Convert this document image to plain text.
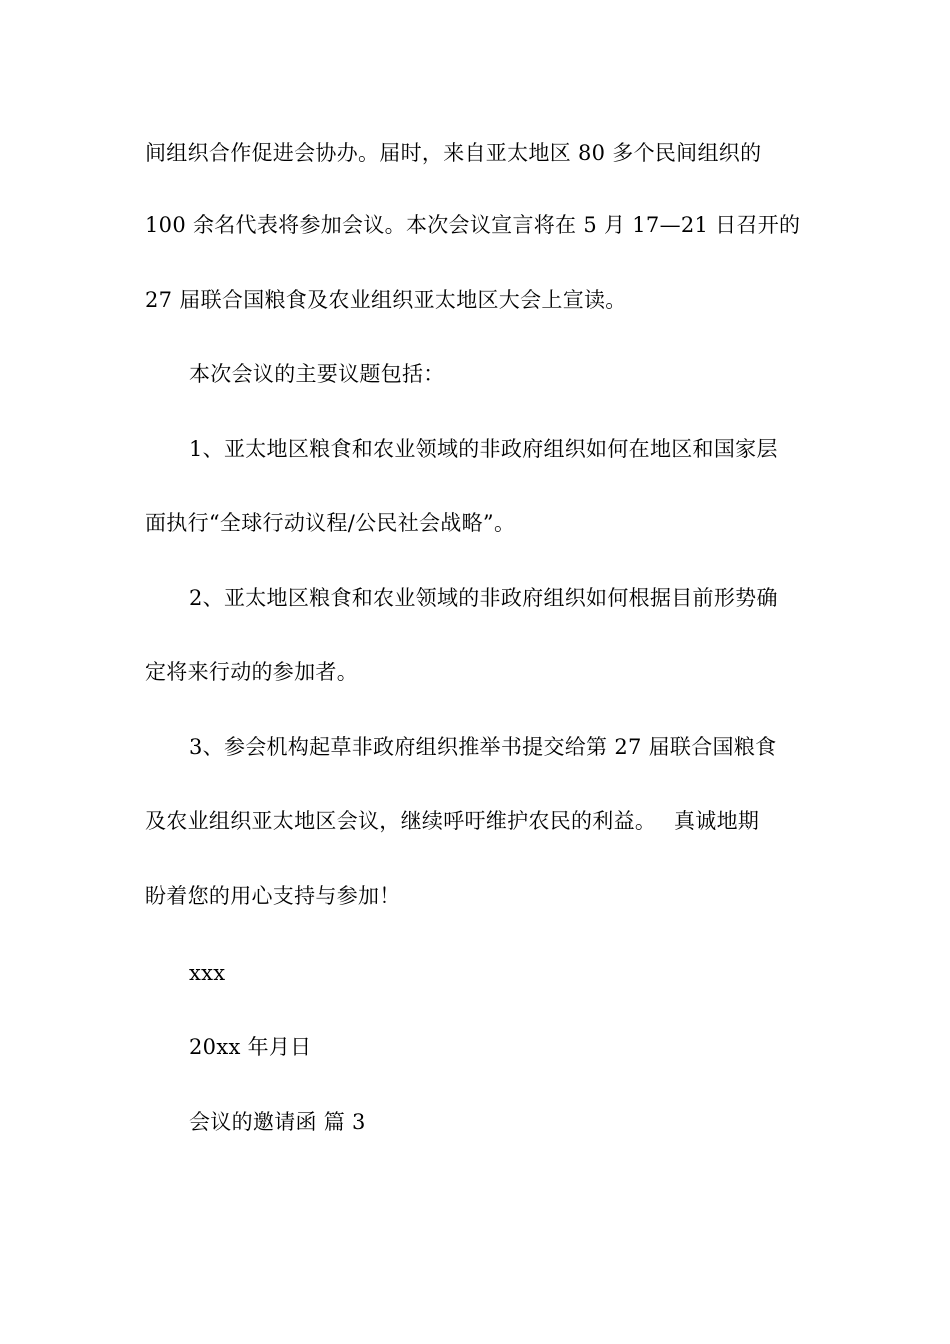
间组织合作促进会协办。届时，来自亚太地区 80 多个民间组织的
100 余名代表将参加会议。本次会议宣言将在 5 月 17—21 日召开的
27 届联合国粮食及农业组织亚太地区大会上宣读。
本次会议的主要议题包括：
1、亚太地区粮食和农业领域的非政府组织如何在地区和国家层
面执行“全球行动议程/公民社会战略”。
2、亚太地区粮食和农业领域的非政府组织如何根据目前形势确
定将来行动的参加者。
3、参会机构起草非政府组织推举书提交给第 27 届联合国粮食
及农业组织亚太地区会议，继续呼吁维护农民的利益。　 真诚地期
盼着您的用心支持与参加！
xxx
20xx 年月日
会议的邀请函 篇 3
